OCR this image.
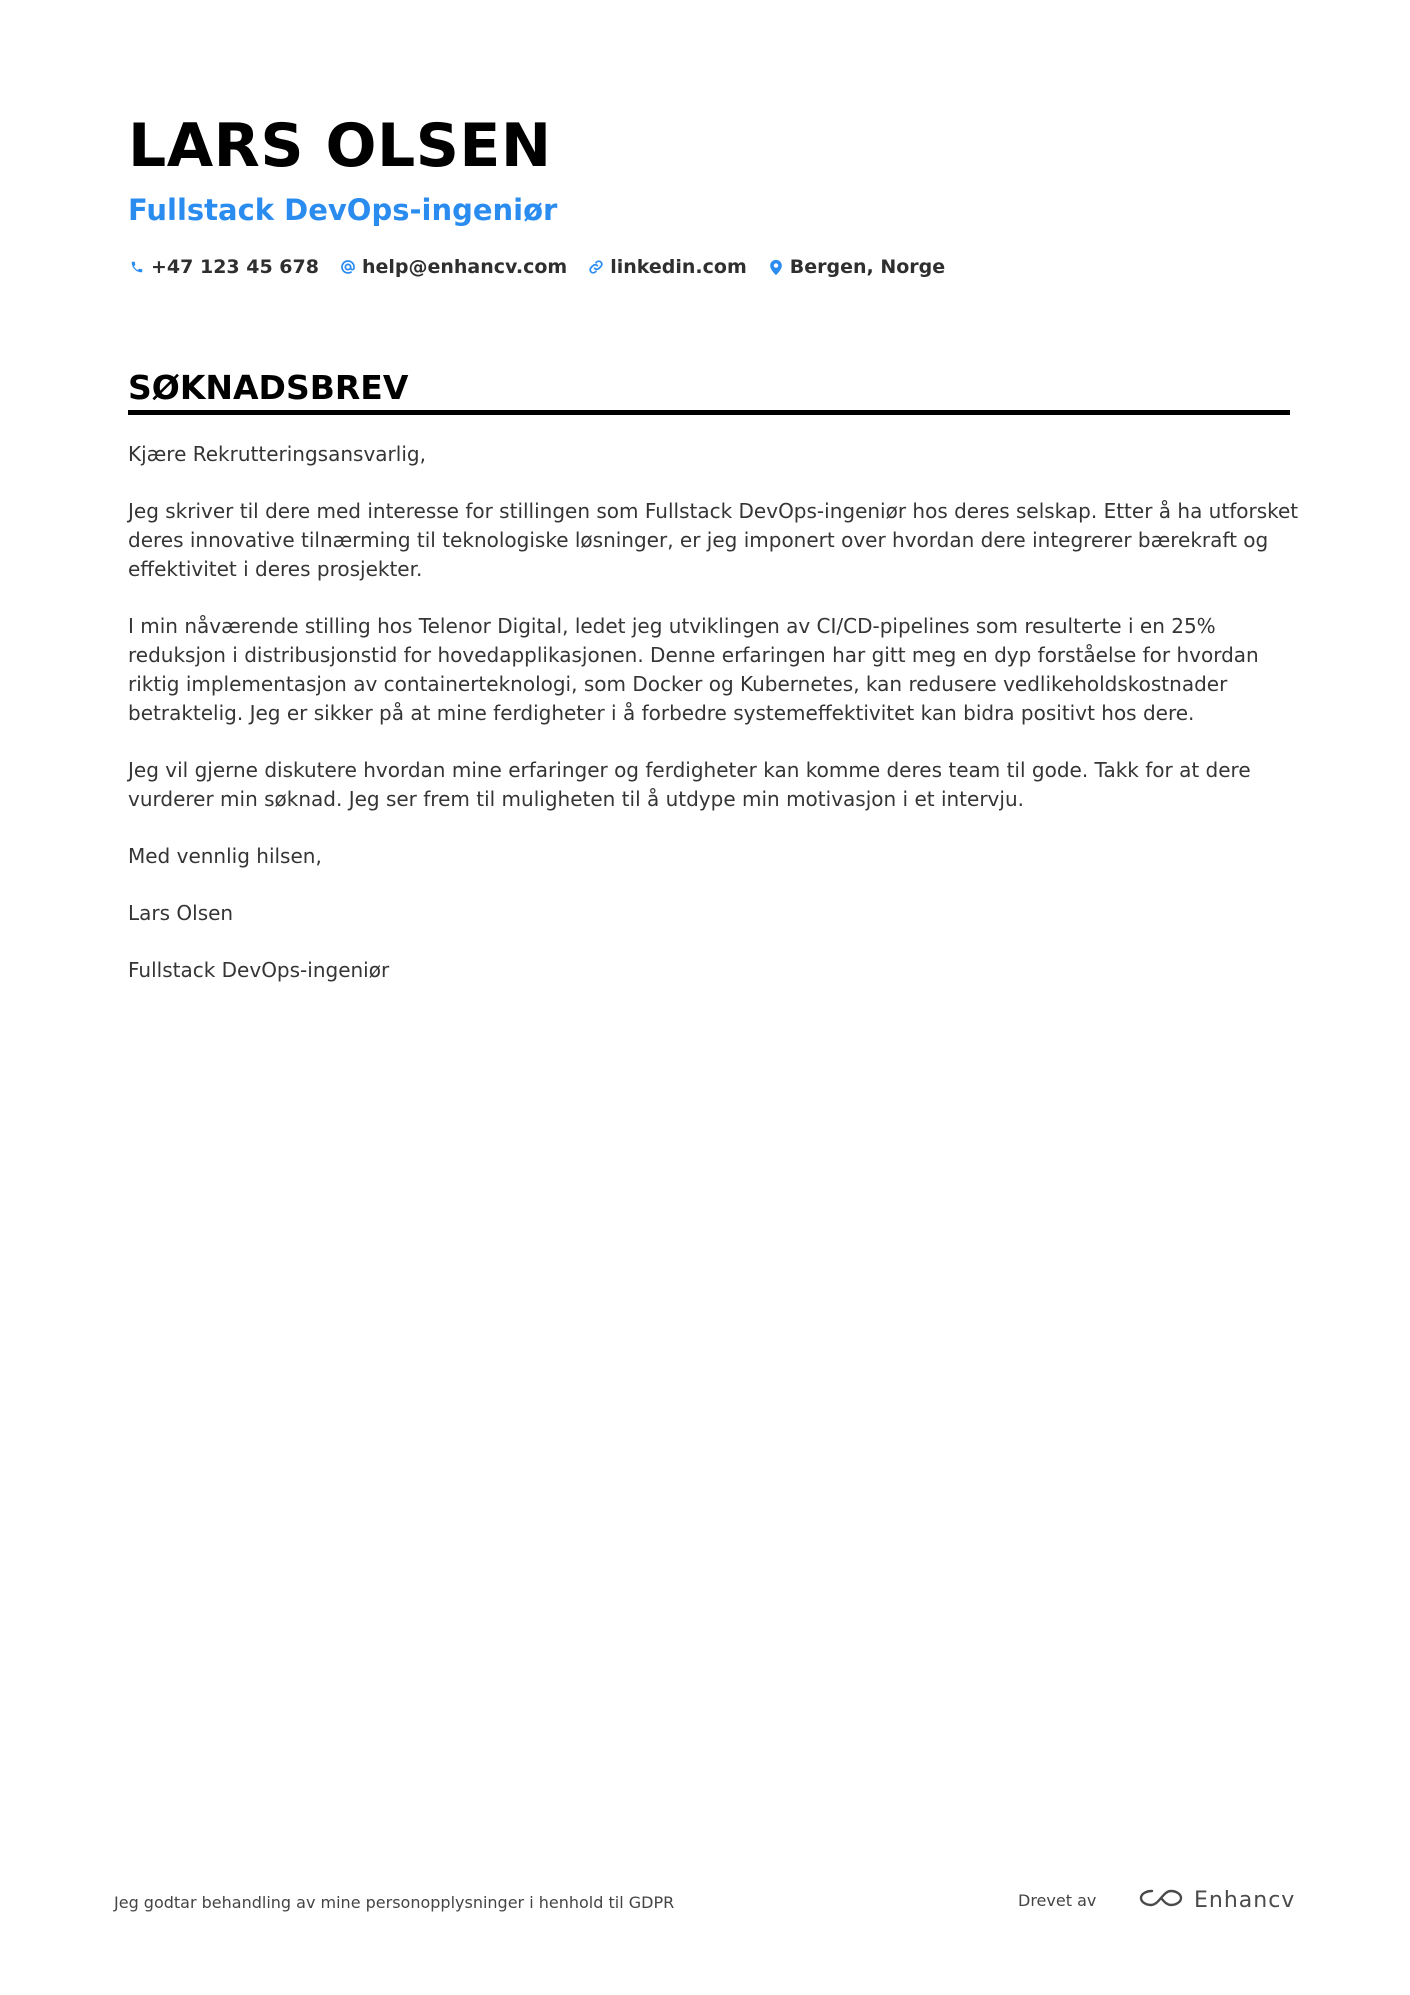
LARS OLSEN
Fullstack DevOps-ingeniør
+47 123 45 678 help@enhancv.com linkedin.com Bergen, Norge
SØKNADSBREV

Kjære Rekrutteringsansvarlig,

Jeg skriver til dere med interesse for stillingen som Fullstack DevOps-ingeniør hos deres selskap. Etter å ha utforsket deres innovative tilnærming til teknologiske løsninger, er jeg imponert over hvordan dere integrerer bærekraft og effektivitet i deres prosjekter.

I min nåværende stilling hos Telenor Digital, ledet jeg utviklingen av CI/CD-pipelines som resulterte i en 25% reduksjon i distribusjonstid for hovedapplikasjonen. Denne erfaringen har gitt meg en dyp forståelse for hvordan riktig implementasjon av containerteknologi, som Docker og Kubernetes, kan redusere vedlikeholdskostnader betraktelig. Jeg er sikker på at mine ferdigheter i å forbedre systemeffektivitet kan bidra positivt hos dere.

Jeg vil gjerne diskutere hvordan mine erfaringer og ferdigheter kan komme deres team til gode. Takk for at dere vurderer min søknad. Jeg ser frem til muligheten til å utdype min motivasjon i et intervju.

Med vennlig hilsen,

Lars Olsen

Fullstack DevOps-ingeniør

Jeg godtar behandling av mine personopplysninger i henhold til GDPR	Drevet av	Enhancv
